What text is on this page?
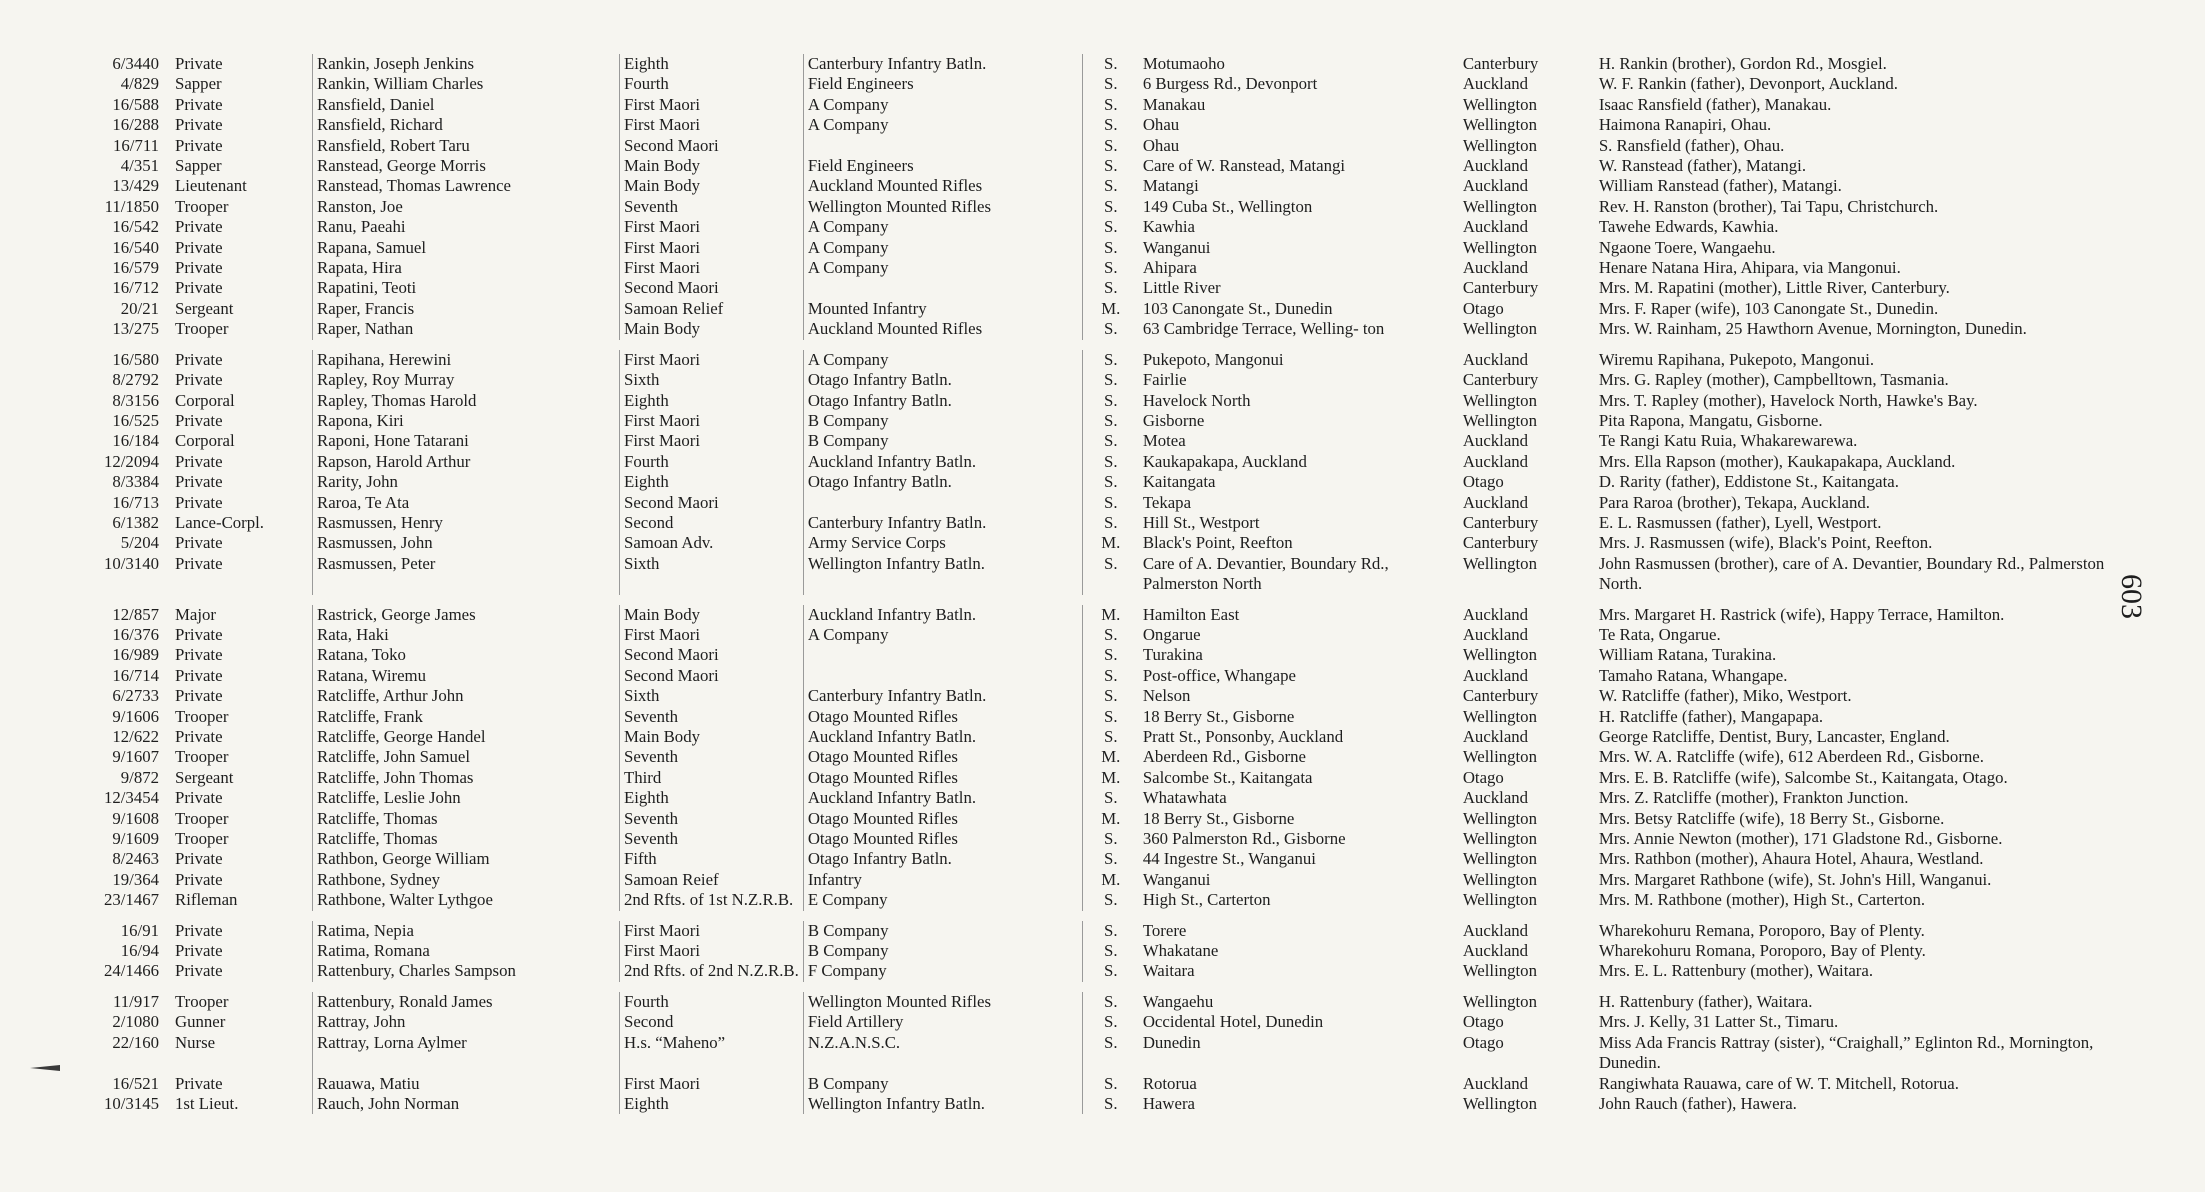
6/3440	Private	Rankin, Joseph Jenkins	Eighth	Canterbury Infantry Batln.	S.	Motumaoho	Canterbury	H. Rankin (brother), Gordon Rd., Mosgiel.
4/829	Sapper	Rankin, William Charles	Fourth	Field Engineers	S.	6 Burgess Rd., Devonport	Auckland	W. F. Rankin (father), Devonport, Auckland.
16/588	Private	Ransfield, Daniel	First Maori	A Company	S.	Manakau	Wellington	Isaac Ransfield (father), Manakau.
16/288	Private	Ransfield, Richard	First Maori	A Company	S.	Ohau	Wellington	Haimona Ranapiri, Ohau.
16/711	Private	Ransfield, Robert Taru	Second Maori		S.	Ohau	Wellington	S. Ransfield (father), Ohau.
4/351	Sapper	Ranstead, George Morris	Main Body	Field Engineers	S.	Care of W. Ranstead, Matangi	Auckland	W. Ranstead (father), Matangi.
13/429	Lieutenant	Ranstead, Thomas Lawrence	Main Body	Auckland Mounted Rifles	S.	Matangi	Auckland	William Ranstead (father), Matangi.
11/1850	Trooper	Ranston, Joe	Seventh	Wellington Mounted Rifles	S.	149 Cuba St., Wellington	Wellington	Rev. H. Ranston (brother), Tai Tapu, Christchurch.
16/542	Private	Ranu, Paeahi	First Maori	A Company	S.	Kawhia	Auckland	Tawehe Edwards, Kawhia.
16/540	Private	Rapana, Samuel	First Maori	A Company	S.	Wanganui	Wellington	Ngaone Toere, Wangaehu.
16/579	Private	Rapata, Hira	First Maori	A Company	S.	Ahipara	Auckland	Henare Natana Hira, Ahipara, via Mangonui.
16/712	Private	Rapatini, Teoti	Second Maori		S.	Little River	Canterbury	Mrs. M. Rapatini (mother), Little River, Canterbury.
20/21	Sergeant	Raper, Francis	Samoan Relief	Mounted Infantry	M.	103 Canongate St., Dunedin	Otago	Mrs. F. Raper (wife), 103 Canongate St., Dunedin.
13/275	Trooper	Raper, Nathan	Main Body	Auckland Mounted Rifles	S.	63 Cambridge Terrace, Welling- ton	Wellington	Mrs. W. Rainham, 25 Hawthorn Avenue, Mornington, Dunedin.

16/580	Private	Rapihana, Herewini	First Maori	A Company	S.	Pukepoto, Mangonui	Auckland	Wiremu Rapihana, Pukepoto, Mangonui.
8/2792	Private	Rapley, Roy Murray	Sixth	Otago Infantry Batln.	S.	Fairlie	Canterbury	Mrs. G. Rapley (mother), Campbelltown, Tasmania.
8/3156	Corporal	Rapley, Thomas Harold	Eighth	Otago Infantry Batln.	S.	Havelock North	Wellington	Mrs. T. Rapley (mother), Havelock North, Hawke's Bay.
16/525	Private	Rapona, Kiri	First Maori	B Company	S.	Gisborne	Wellington	Pita Rapona, Mangatu, Gisborne.
16/184	Corporal	Raponi, Hone Tatarani	First Maori	B Company	S.	Motea	Auckland	Te Rangi Katu Ruia, Whakarewarewa.
12/2094	Private	Rapson, Harold Arthur	Fourth	Auckland Infantry Batln.	S.	Kaukapakapa, Auckland	Auckland	Mrs. Ella Rapson (mother), Kaukapakapa, Auckland.
8/3384	Private	Rarity, John	Eighth	Otago Infantry Batln.	S.	Kaitangata	Otago	D. Rarity (father), Eddistone St., Kaitangata.
16/713	Private	Raroa, Te Ata	Second Maori		S.	Tekapa	Auckland	Para Raroa (brother), Tekapa, Auckland.
6/1382	Lance-Corpl.	Rasmussen, Henry	Second	Canterbury Infantry Batln.	S.	Hill St., Westport	Canterbury	E. L. Rasmussen (father), Lyell, Westport.
5/204	Private	Rasmussen, John	Samoan Adv.	Army Service Corps	M.	Black's Point, Reefton	Canterbury	Mrs. J. Rasmussen (wife), Black's Point, Reefton.
10/3140	Private	Rasmussen, Peter	Sixth	Wellington Infantry Batln.	S.	Care of A. Devantier, Boundary Rd., Palmerston North	Wellington	John Rasmussen (brother), care of A. Devantier, Boundary Rd., Palmerston North.

12/857	Major	Rastrick, George James	Main Body	Auckland Infantry Batln.	M.	Hamilton East	Auckland	Mrs. Margaret H. Rastrick (wife), Happy Terrace, Hamilton.
16/376	Private	Rata, Haki	First Maori	A Company	S.	Ongarue	Auckland	Te Rata, Ongarue.
16/989	Private	Ratana, Toko	Second Maori		S.	Turakina	Wellington	William Ratana, Turakina.
16/714	Private	Ratana, Wiremu	Second Maori		S.	Post-office, Whangape	Auckland	Tamaho Ratana, Whangape.
6/2733	Private	Ratcliffe, Arthur John	Sixth	Canterbury Infantry Batln.	S.	Nelson	Canterbury	W. Ratcliffe (father), Miko, Westport.
9/1606	Trooper	Ratcliffe, Frank	Seventh	Otago Mounted Rifles	S.	18 Berry St., Gisborne	Wellington	H. Ratcliffe (father), Mangapapa.
12/622	Private	Ratcliffe, George Handel	Main Body	Auckland Infantry Batln.	S.	Pratt St., Ponsonby, Auckland	Auckland	George Ratcliffe, Dentist, Bury, Lancaster, England.
9/1607	Trooper	Ratcliffe, John Samuel	Seventh	Otago Mounted Rifles	M.	Aberdeen Rd., Gisborne	Wellington	Mrs. W. A. Ratcliffe (wife), 612 Aberdeen Rd., Gisborne.
9/872	Sergeant	Ratcliffe, John Thomas	Third	Otago Mounted Rifles	M.	Salcombe St., Kaitangata	Otago	Mrs. E. B. Ratcliffe (wife), Salcombe St., Kaitangata, Otago.
12/3454	Private	Ratcliffe, Leslie John	Eighth	Auckland Infantry Batln.	S.	Whatawhata	Auckland	Mrs. Z. Ratcliffe (mother), Frankton Junction.
9/1608	Trooper	Ratcliffe, Thomas	Seventh	Otago Mounted Rifles	M.	18 Berry St., Gisborne	Wellington	Mrs. Betsy Ratcliffe (wife), 18 Berry St., Gisborne.
9/1609	Trooper	Ratcliffe, Thomas	Seventh	Otago Mounted Rifles	S.	360 Palmerston Rd., Gisborne	Wellington	Mrs. Annie Newton (mother), 171 Gladstone Rd., Gisborne.
8/2463	Private	Rathbon, George William	Fifth	Otago Infantry Batln.	S.	44 Ingestre St., Wanganui	Wellington	Mrs. Rathbon (mother), Ahaura Hotel, Ahaura, Westland.
19/364	Private	Rathbone, Sydney	Samoan Reief	Infantry	M.	Wanganui	Wellington	Mrs. Margaret Rathbone (wife), St. John's Hill, Wanganui.
23/1467	Rifleman	Rathbone, Walter Lythgoe	2nd Rfts. of 1st N.Z.R.B.	E Company	S.	High St., Carterton	Wellington	Mrs. M. Rathbone (mother), High St., Carterton.

16/91	Private	Ratima, Nepia	First Maori	B Company	S.	Torere	Auckland	Wharekohuru Remana, Poroporo, Bay of Plenty.
16/94	Private	Ratima, Romana	First Maori	B Company	S.	Whakatane	Auckland	Wharekohuru Romana, Poroporo, Bay of Plenty.
24/1466	Private	Rattenbury, Charles Sampson	2nd Rfts. of 2nd N.Z.R.B.	F Company	S.	Waitara	Wellington	Mrs. E. L. Rattenbury (mother), Waitara.

11/917	Trooper	Rattenbury, Ronald James	Fourth	Wellington Mounted Rifles	S.	Wangaehu	Wellington	H. Rattenbury (father), Waitara.
2/1080	Gunner	Rattray, John	Second	Field Artillery	S.	Occidental Hotel, Dunedin	Otago	Mrs. J. Kelly, 31 Latter St., Timaru.
22/160	Nurse	Rattray, Lorna Aylmer	H.s. “Maheno”	N.Z.A.N.S.C.	S.	Dunedin	Otago	Miss Ada Francis Rattray (sister), “Craighall,” Eglinton Rd., Mornington, Dunedin.
16/521	Private	Rauawa, Matiu	First Maori	B Company	S.	Rotorua	Auckland	Rangiwhata Rauawa, care of W. T. Mitchell, Rotorua.
10/3145	1st Lieut.	Rauch, John Norman	Eighth	Wellington Infantry Batln.	S.	Hawera	Wellington	John Rauch (father), Hawera.
603
